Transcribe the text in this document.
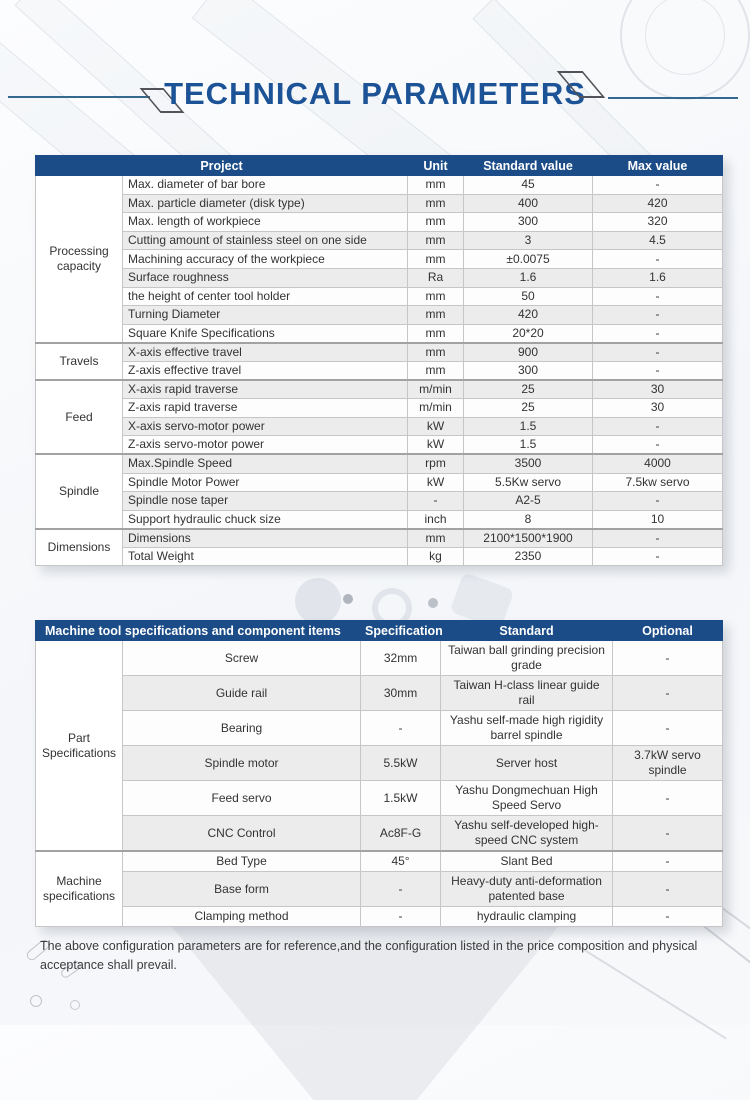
TECHNICAL PARAMETERS
Project		Unit	Standard value	Max value
Processing capacity	Max. diameter of bar bore	mm	45	-
	Max. particle diameter (disk type)	mm	400	420
	Max. length of workpiece	mm	300	320
	Cutting amount of stainless steel on one side	mm	3	4.5
	Machining accuracy of the workpiece	mm	±0.0075	-
	Surface roughness	Ra	1.6	1.6
	the height of center tool holder	mm	50	-
	Turning Diameter	mm	420	-
	Square Knife Specifications	mm	20*20	-
Travels	X-axis effective travel	mm	900	-
	Z-axis effective travel	mm	300	-
Feed	X-axis rapid traverse	m/min	25	30
	Z-axis rapid traverse	m/min	25	30
	X-axis servo-motor power	kW	1.5	-
	Z-axis servo-motor power	kW	1.5	-
Spindle	Max.Spindle Speed	rpm	3500	4000
	Spindle Motor Power	kW	5.5Kw servo	7.5kw servo
	Spindle nose taper	-	A2-5	-
	Support hydraulic chuck size	inch	8	10
Dimensions	Dimensions	mm	2100*1500*1900	-
	Total Weight	kg	2350	-
Machine tool specifications and component items		Specification	Standard	Optional
Part Specifications	Screw	32mm	Taiwan ball grinding precision grade	-
	Guide rail	30mm	Taiwan H-class linear guide rail	-
	Bearing	-	Yashu self-made high rigidity barrel spindle	-
	Spindle motor	5.5kW	Server host	3.7kW servo spindle
	Feed servo	1.5kW	Yashu Dongmechuan High Speed Servo	-
	CNC Control	Ac8F-G	Yashu self-developed high-speed CNC system	-
Machine specifications	Bed Type	45°	Slant Bed	-
	Base form	-	Heavy-duty anti-deformation patented base	-
	Clamping method	-	hydraulic clamping	-

The above configuration parameters are for reference,and the configuration listed in the price composition and physical acceptance shall prevail.
